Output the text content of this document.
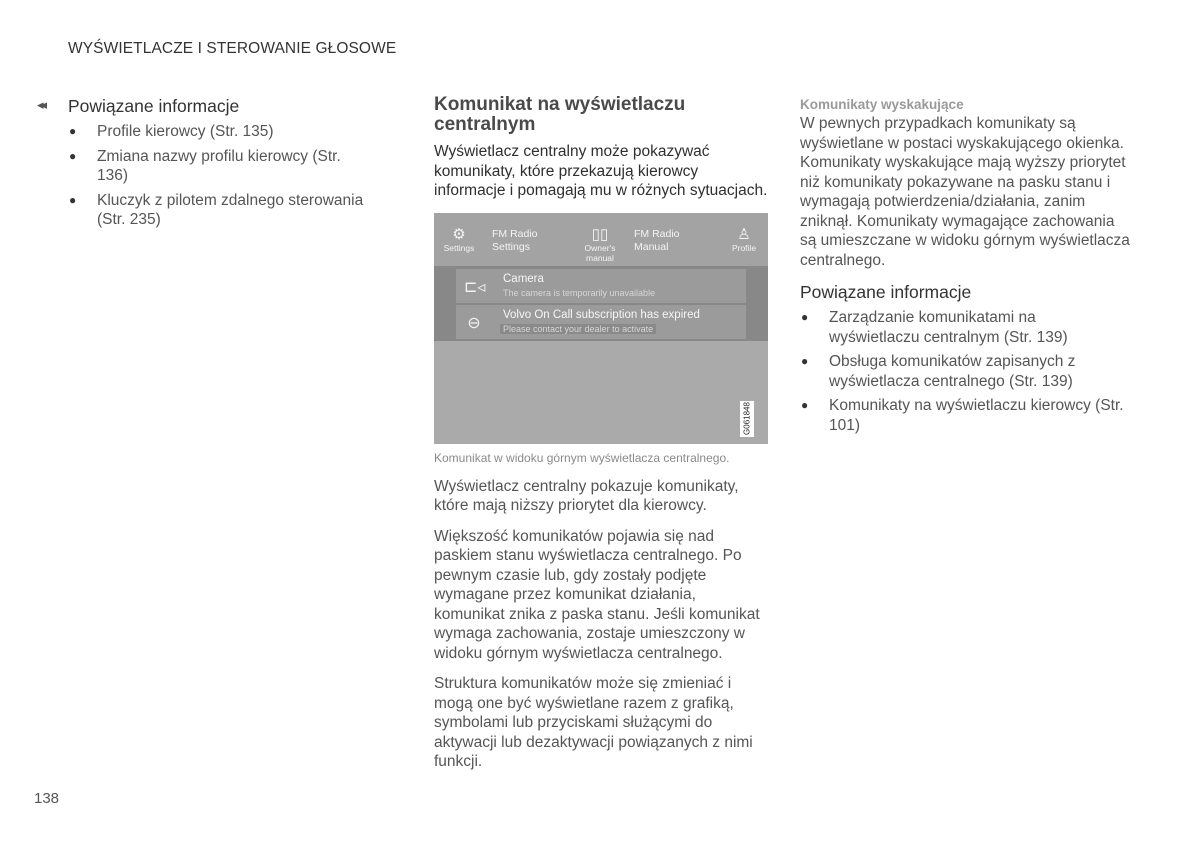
WYŚWIETLACZE I STEROWANIE GŁOSOWE
◂◂ Powiązane informacje
● Profile kierowcy (Str. 135)
● Zmiana nazwy profilu kierowcy (Str. 136)
● Kluczyk z pilotem zdalnego sterowania (Str. 235)
Komunikat na wyświetlaczu centralnym

Wyświetlacz centralny może pokazywać komunikaty, które przekazują kierowcy informacje i pomagają mu w różnych sytuacjach.

⚙
Settings
FM Radio Settings
▯▯
Owner's manual
FM Radio Manual
♙
Profile
⊏◃ Camera
The camera is temporarily unavailable
⊖ Volvo On Call subscription has expired
Please contact your dealer to activate
G061848
Komunikat w widoku górnym wyświetlacza centralnego.

Wyświetlacz centralny pokazuje komunikaty, które mają niższy priorytet dla kierowcy.

Większość komunikatów pojawia się nad paskiem stanu wyświetlacza centralnego. Po pewnym czasie lub, gdy zostały podjęte wymagane przez komunikat działania, komunikat znika z paska stanu. Jeśli komunikat wymaga zachowania, zostaje umieszczony w widoku górnym wyświetlacza centralnego.

Struktura komunikatów może się zmieniać i mogą one być wyświetlane razem z grafiką, symbolami lub przyciskami służącymi do aktywacji lub dezaktywacji powiązanych z nimi funkcji.

Komunikaty wyskakujące

W pewnych przypadkach komunikaty są wyświetlane w postaci wyskakującego okienka. Komunikaty wyskakujące mają wyższy priorytet niż komunikaty pokazywane na pasku stanu i wymagają potwierdzenia/działania, zanim zniknął. Komunikaty wymagające zachowania są umieszczane w widoku górnym wyświetlacza centralnego.

Powiązane informacje
● Zarządzanie komunikatami na wyświetlaczu centralnym (Str. 139)
● Obsługa komunikatów zapisanych z wyświetlacza centralnego (Str. 139)
● Komunikaty na wyświetlaczu kierowcy (Str. 101)
138
